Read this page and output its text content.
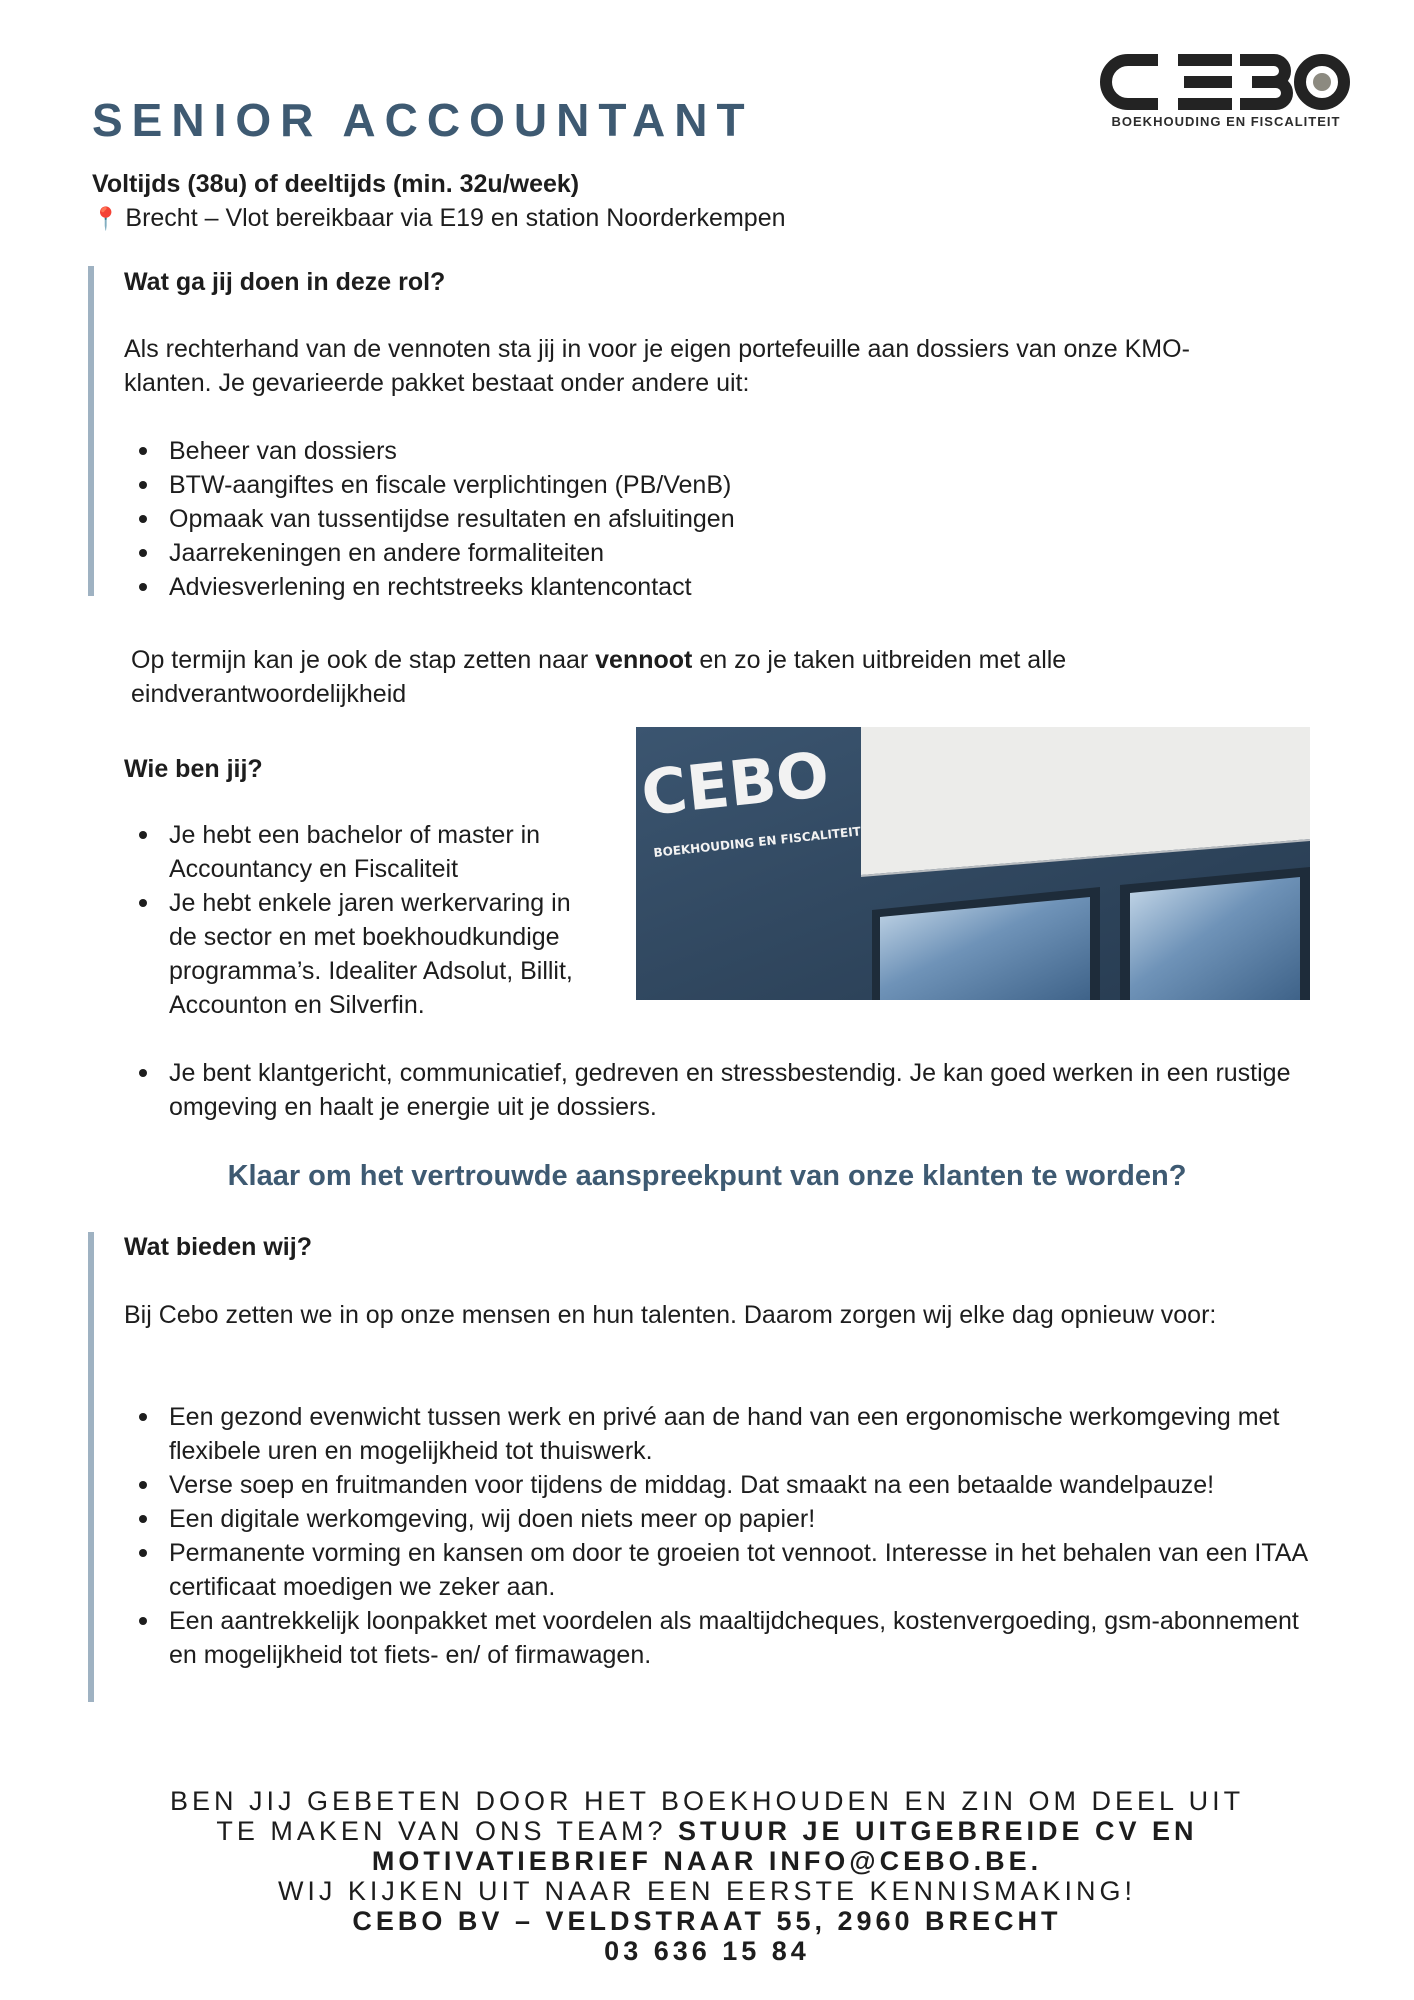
SENIOR ACCOUNTANT	BOEKHOUDING EN FISCALITEIT
Voltijds (38u) of deeltijds (min. 32u/week)
📍 Brecht – Vlot bereikbaar via E19 en station Noorderkempen
Wat ga jij doen in deze rol?

Als rechterhand van de vennoten sta jij in voor je eigen portefeuille aan dossiers van onze KMO-klanten. Je gevarieerde pakket bestaat onder andere uit:

Beheer van dossiers
BTW-aangiftes en fiscale verplichtingen (PB/VenB)
Opmaak van tussentijdse resultaten en afsluitingen
Jaarrekeningen en andere formaliteiten
Adviesverlening en rechtstreeks klantencontact

Op termijn kan je ook de stap zetten naar vennoot en zo je taken uitbreiden met alle eindverantwoordelijkheid

Wie ben jij?
Je hebt een bachelor of master in Accountancy en Fiscaliteit
Je hebt enkele jaren werkervaring in de sector en met boekhoudkundige programma’s. Idealiter Adsolut, Billit, Accounton en Silverfin.
Je bent klantgericht, communicatief, gedreven en stressbestendig. Je kan goed werken in een rustige omgeving en haalt je energie uit je dossiers.
CEBO
BOEKHOUDING EN FISCALITEIT
Klaar om het vertrouwde aanspreekpunt van onze klanten te worden?
Wat bieden wij?

Bij Cebo zetten we in op onze mensen en hun talenten. Daarom zorgen wij elke dag opnieuw voor:

Een gezond evenwicht tussen werk en privé aan de hand van een ergonomische werkomgeving met flexibele uren en mogelijkheid tot thuiswerk.
Verse soep en fruitmanden voor tijdens de middag. Dat smaakt na een betaalde wandelpauze!
Een digitale werkomgeving, wij doen niets meer op papier!
Permanente vorming en kansen om door te groeien tot vennoot. Interesse in het behalen van een ITAA certificaat moedigen we zeker aan.
Een aantrekkelijk loonpakket met voordelen als maaltijdcheques, kostenvergoeding, gsm-abonnement en mogelijkheid tot fiets- en/ of firmawagen.
BEN JIJ GEBETEN DOOR HET BOEKHOUDEN EN ZIN OM DEEL UIT
TE MAKEN VAN ONS TEAM? STUUR JE UITGEBREIDE CV EN
MOTIVATIEBRIEF NAAR INFO@CEBO.BE.
WIJ KIJKEN UIT NAAR EEN EERSTE KENNISMAKING!
CEBO BV – VELDSTRAAT 55, 2960 BRECHT
03 636 15 84
